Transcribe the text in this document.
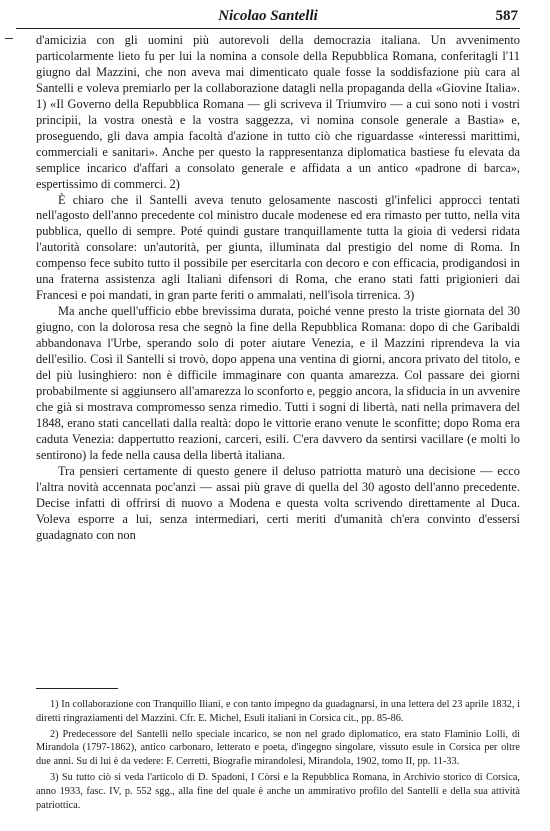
Nicolao Santelli	587

d'amicizia con gli uomini più autorevoli della democrazia italiana. Un avvenimento particolarmente lieto fu per lui la nomina a console della Repubblica Romana, conferitagli l'11 giugno dal Mazzini, che non aveva mai dimenticato quale fosse la soddisfazione più cara al Santelli e voleva premiarlo per la collaborazione datagli nella propaganda della «Giovine Italia». 1) «Il Governo della Repubblica Romana — gli scriveva il Triumviro — a cui sono noti i vostri principii, la vostra onestà e la vostra saggezza, vi nomina console generale a Bastia» e, proseguendo, gli dava ampia facoltà d'azione in tutto ciò che riguardasse «interessi marittimi, commerciali e sanitari». Anche per questo la rappresentanza diplomatica bastiese fu elevata da semplice incarico d'affari a consolato generale e affidata a un antico «padrone di barca», espertissimo di commerci. 2)

È chiaro che il Santelli aveva tenuto gelosamente nascosti gl'infelici approcci tentati nell'agosto dell'anno precedente col ministro ducale modenese ed era rimasto per tutto, nella vita pubblica, quello di sempre. Poté quindi gustare tranquillamente tutta la gioia di vedersi ridata l'autorità consolare: un'autorità, per giunta, illuminata dal prestigio del nome di Roma. In compenso fece subito tutto il possibile per esercitarla con decoro e con efficacia, prodigandosi in una fraterna assistenza agli Italiani difensori di Roma, che erano stati fatti prigionieri dai Francesi e poi mandati, in gran parte feriti o ammalati, nell'isola tirrenica. 3)

Ma anche quell'ufficio ebbe brevissima durata, poiché venne presto la triste giornata del 30 giugno, con la dolorosa resa che segnò la fine della Repubblica Romana: dopo di che Garibaldi abbandonava l'Urbe, sperando solo di poter aiutare Venezia, e il Mazzini riprendeva la via dell'esilio. Così il Santelli si trovò, dopo appena una ventina di giorni, ancora privato del titolo, e del più lusinghiero: non è difficile immaginare con quanta amarezza. Col passare dei giorni probabilmente si aggiunsero all'amarezza lo sconforto e, peggio ancora, la sfiducia in un avvenire che già si mostrava compromesso senza rimedio. Tutti i sogni di libertà, nati nella primavera del 1848, erano stati cancellati dalla realtà: dopo le vittorie erano venute le sconfitte; dopo Roma era caduta Venezia: dappertutto reazioni, carceri, esili. C'era davvero da sentirsi vacillare (e molti lo sentirono) la fede nella causa della libertà italiana.

Tra pensieri certamente di questo genere il deluso patriotta maturò una decisione — ecco l'altra novità accennata poc'anzi — assai più grave di quella del 30 agosto dell'anno precedente. Decise infatti di offrirsi di nuovo a Modena e questa volta scrivendo direttamente al Duca. Voleva esporre a lui, senza intermediari, certi meriti d'umanità ch'era convinto d'essersi guadagnato con non

1) In collaborazione con Tranquillo Iliani, e con tanto impegno da guadagnarsi, in una lettera del 23 aprile 1832, i diretti ringraziamenti del Mazzini. Cfr. E. Michel, Esuli italiani in Corsica cit., pp. 85-86.

2) Predecessore del Santelli nello speciale incarico, se non nel grado diplomatico, era stato Flaminio Lolli, di Mirandola (1797-1862), antico carbonaro, letterato e poeta, d'ingegno singolare, vissuto esule in Corsica per oltre due anni. Su di lui è da vedere: F. Cerretti, Biografie mirandolesi, Mirandola, 1902, tomo II, pp. 11-33.

3) Su tutto ciò si veda l'articolo di D. Spadoni, I Còrsi e la Repubblica Romana, in Archivio storico di Corsica, anno 1933, fasc. IV, p. 552 sgg., alla fine del quale è anche un ammirativo profilo del Santelli e della sua attività patriottica.
